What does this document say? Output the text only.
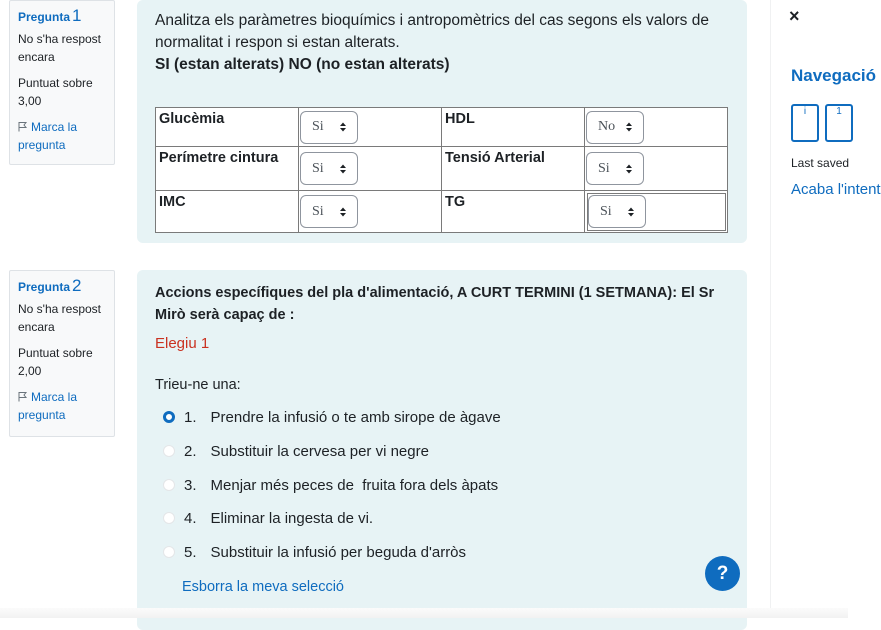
Pregunta 1
No s'ha respost encara
Puntuat sobre 3,00
Marca la pregunta
Analitza els paràmetres bioquímics i antropomètrics del cas segons els valors de normalitat i respon si estan alterats.
SI (estan alterats) NO (no estan alterats)
Glucèmia	Si	HDL	No

Perímetre cintura	Si	Tensió Arterial	Si

IMC	Si	TG	Si
Pregunta 2
No s'ha respost encara
Puntuat sobre 2,00
Marca la pregunta
Accions específiques del pla d'alimentació, A CURT TERMINI (1 SETMANA): El Sr Mirò serà capaç de :
Elegiu 1
Trieu-ne una:
1. Prendre la infusió o te amb sirope de àgave
2. Substituir la cervesa per vi negre
3. Menjar més peces de  fruita fora dels àpats
4. Eliminar la ingesta de vi.
5. Substituir la infusió per beguda d'arròs
Esborra la meva selecció
?
×
Navegació
i	1
Last saved
Acaba l'intent
